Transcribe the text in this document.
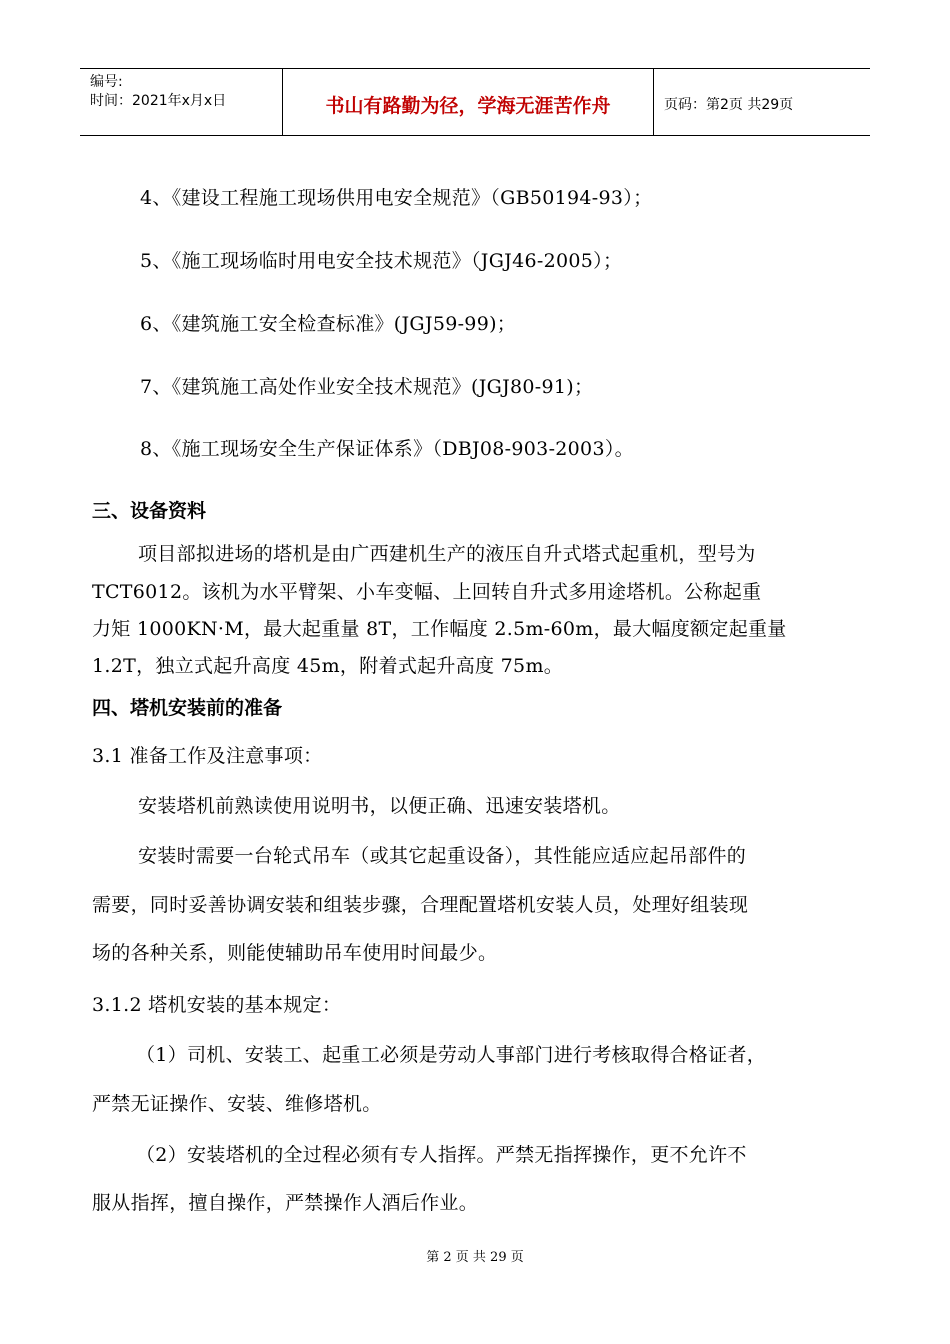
编号:
时间：2021年x月x日	书山有路勤为径，学海无涯苦作舟	页码：第2页 共29页
4、《建设工程施工现场供用电安全规范》（GB50194-93）；
5、《施工现场临时用电安全技术规范》（JGJ46-2005）；
6、《建筑施工安全检查标准》(JGJ59-99)；
7、《建筑施工高处作业安全技术规范》(JGJ80-91)；
8、《施工现场安全生产保证体系》（DBJ08-903-2003）。
三、设备资料
项目部拟进场的塔机是由广西建机生产的液压自升式塔式起重机，型号为
TCT6012。该机为水平臂架、小车变幅、上回转自升式多用途塔机。公称起重
力矩 1000KN·M，最大起重量 8T，工作幅度 2.5m-60m，最大幅度额定起重量
1.2T，独立式起升高度 45m，附着式起升高度 75m。
四、塔机安装前的准备
3.1 准备工作及注意事项：
安装塔机前熟读使用说明书，以便正确、迅速安装塔机。
安装时需要一台轮式吊车（或其它起重设备），其性能应适应起吊部件的
需要，同时妥善协调安装和组装步骤，合理配置塔机安装人员，处理好组装现
场的各种关系，则能使辅助吊车使用时间最少。
3.1.2 塔机安装的基本规定：
（1）司机、安装工、起重工必须是劳动人事部门进行考核取得合格证者，
严禁无证操作、安装、维修塔机。
（2）安装塔机的全过程必须有专人指挥。严禁无指挥操作，更不允许不
服从指挥，擅自操作，严禁操作人酒后作业。
第 2 页 共 29 页
